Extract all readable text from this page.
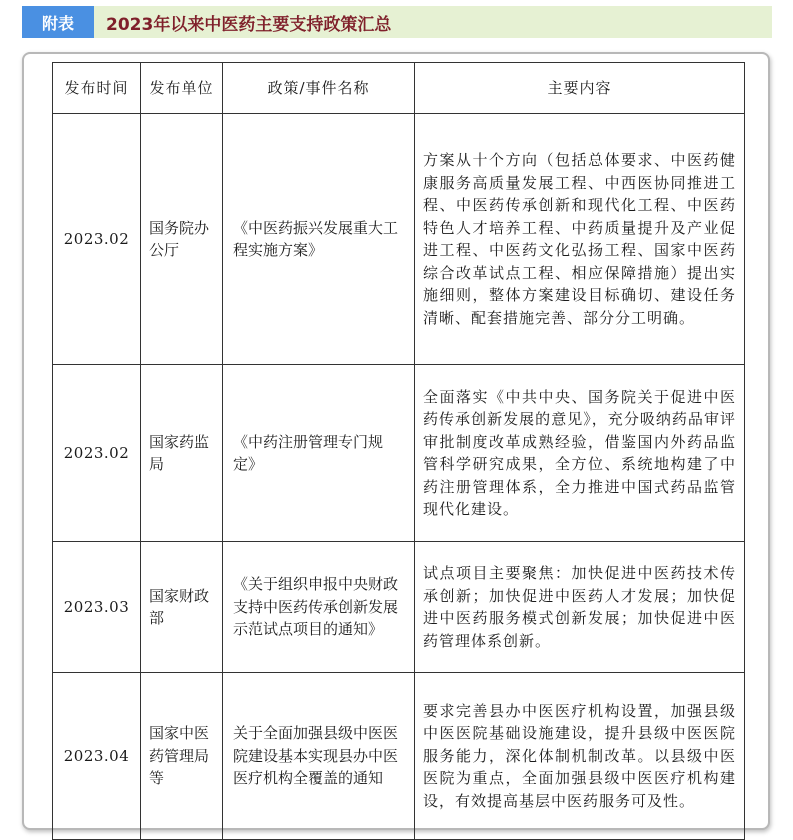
附表	2023年以来中医药主要支持政策汇总
发布时间	发布单位	政策/事件名称	主要内容
2023.02	国务院办公厅	《中医药振兴发展重大工程实施方案》	方案从十个方向（包括总体要求、中医药健康服务高质量发展工程、中西医协同推进工程、中医药传承创新和现代化工程、中医药特色人才培养工程、中药质量提升及产业促进工程、中医药文化弘扬工程、国家中医药综合改革试点工程、相应保障措施）提出实施细则，整体方案建设目标确切、建设任务清晰、配套措施完善、部分分工明确。
2023.02	国家药监局	《中药注册管理专门规定》	全面落实《中共中央、国务院关于促进中医药传承创新发展的意见》，充分吸纳药品审评审批制度改革成熟经验，借鉴国内外药品监管科学研究成果，全方位、系统地构建了中药注册管理体系，全力推进中国式药品监管现代化建设。
2023.03	国家财政部	《关于组织申报中央财政支持中医药传承创新发展示范试点项目的通知》	试点项目主要聚焦：加快促进中医药技术传承创新；加快促进中医药人才发展；加快促进中医药服务模式创新发展；加快促进中医药管理体系创新。
2023.04	国家中医药管理局等	关于全面加强县级中医医院建设基本实现县办中医医疗机构全覆盖的通知	要求完善县办中医医疗机构设置，加强县级中医医院基础设施建设，提升县级中医医院服务能力，深化体制机制改革。以县级中医医院为重点，全面加强县级中医医疗机构建设，有效提高基层中医药服务可及性。
